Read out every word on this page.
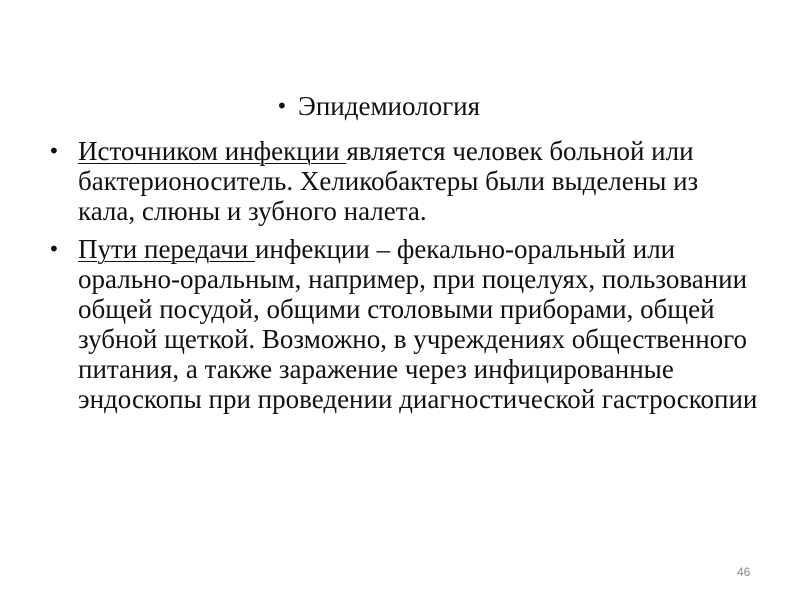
• Эпидемиология
• Источником инфекции является человек больной или бактерионоситель. Хеликобактеры были выделены из кала, слюны и зубного налета.
• Пути передачи инфекции – фекально-оральный или орально-оральным, например, при поцелуях, пользовании общей посудой, общими столовыми приборами, общей зубной щеткой. Возможно, в учреждениях общественного питания, а также заражение через инфицированные эндоскопы при проведении диагностической гастроскопии
46
